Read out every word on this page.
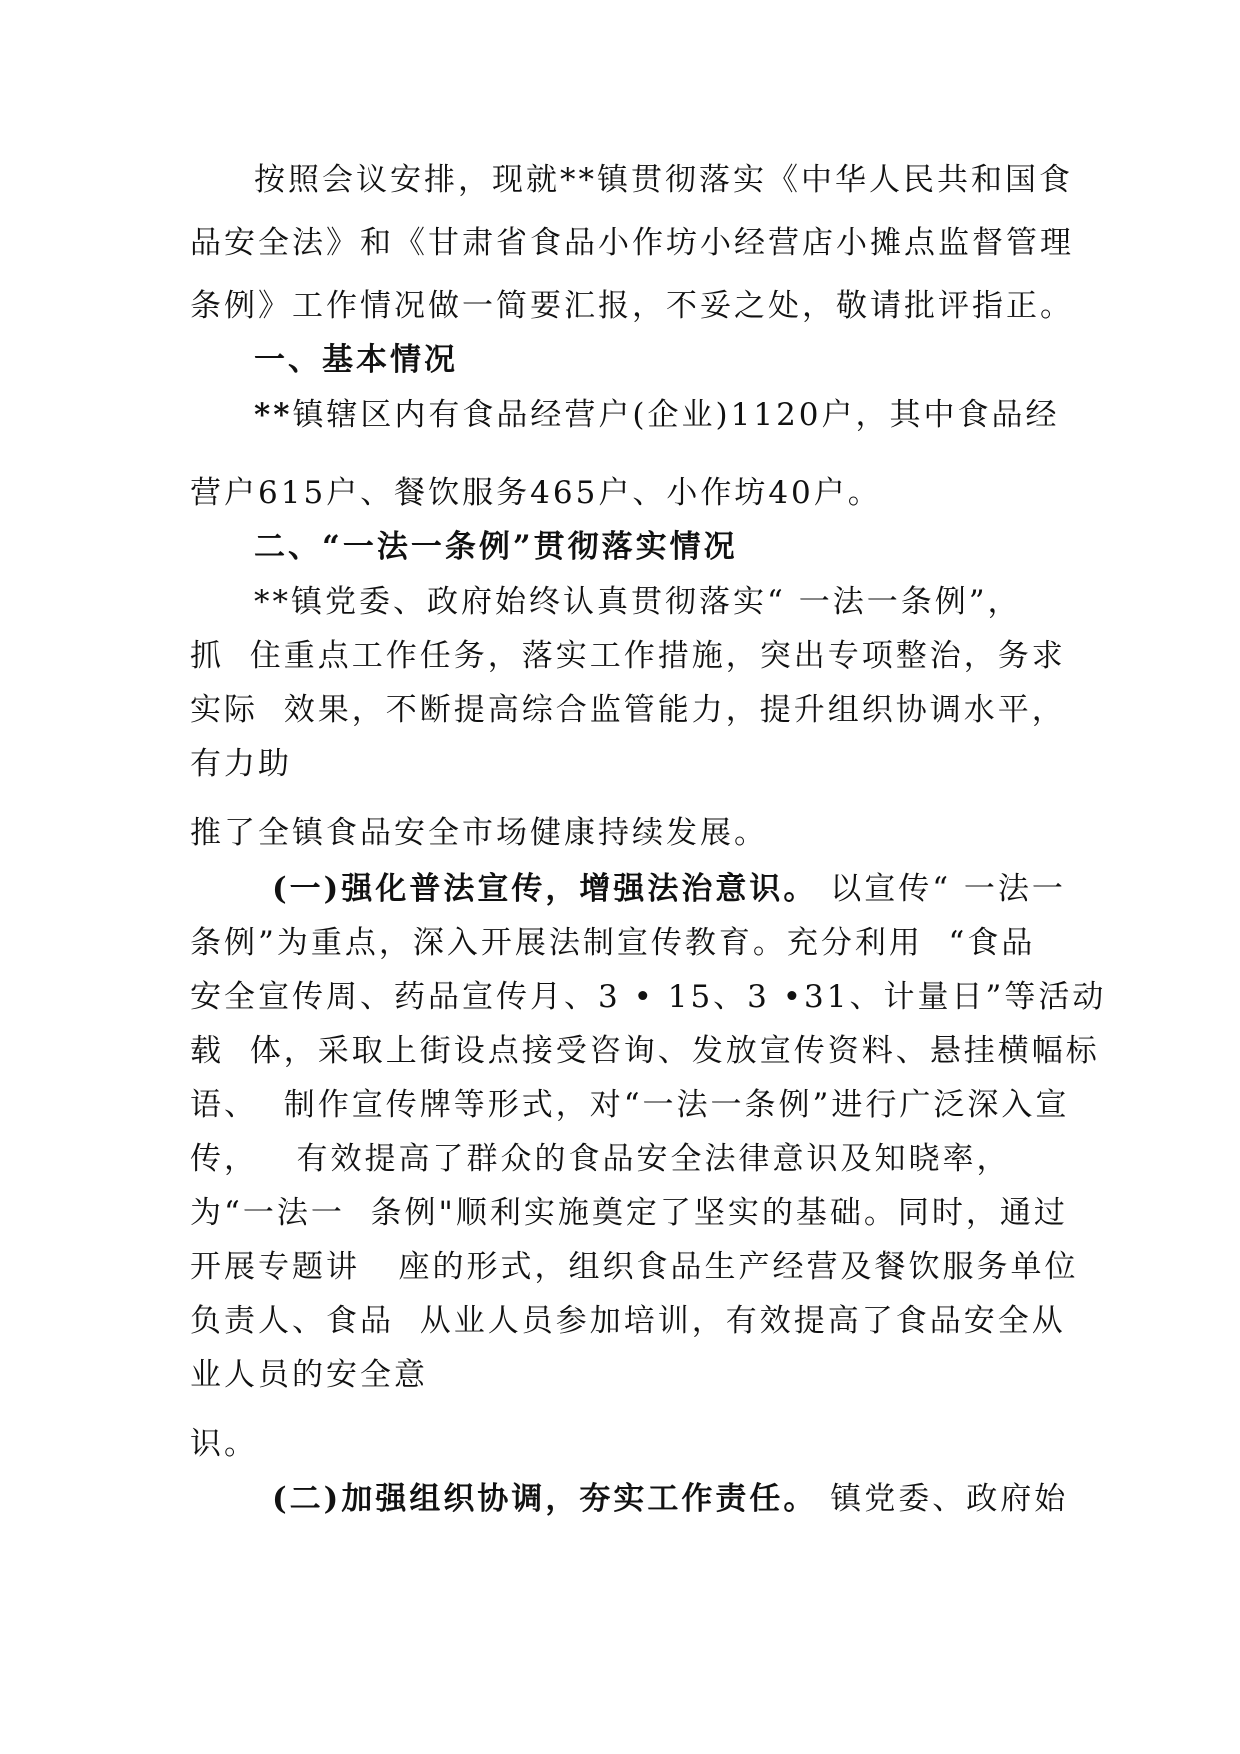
按照会议安排，现就**镇贯彻落实《中华人民共和国食

品安全法》和《甘肃省食品小作坊小经营店小摊点监督管理

条例》工作情况做一简要汇报，不妥之处，敬请批评指正。

一、基本情况

**镇辖区内有食品经营户(企业)1120户，其中食品经

营户615户、餐饮服务465户、小作坊40户。

二、“一法一条例”贯彻落实情况

**镇党委、政府始终认真贯彻落实“ 一法一条例”，

抓  住重点工作任务，落实工作措施，突出专项整治，务求

实际  效果，不断提高综合监管能力，提升组织协调水平，

有力助

推了全镇食品安全市场健康持续发展。

(一)强化普法宣传，增强法治意识。 以宣传“ 一法一

条例”为重点，深入开展法制宣传教育。充分利用  “食品

安全宣传周、药品宣传月、3 • 15、3 •31、计量日”等活动

载  体，采取上街设点接受咨询、发放宣传资料、悬挂横幅标

语、  制作宣传牌等形式，对“一法一条例”进行广泛深入宣

传，   有效提高了群众的食品安全法律意识及知晓率，

为“一法一  条例"顺利实施奠定了坚实的基础。同时，通过

开展专题讲   座的形式，组织食品生产经营及餐饮服务单位

负责人、食品  从业人员参加培训，有效提高了食品安全从

业人员的安全意

识。

(二)加强组织协调，夯实工作责任。 镇党委、政府始
